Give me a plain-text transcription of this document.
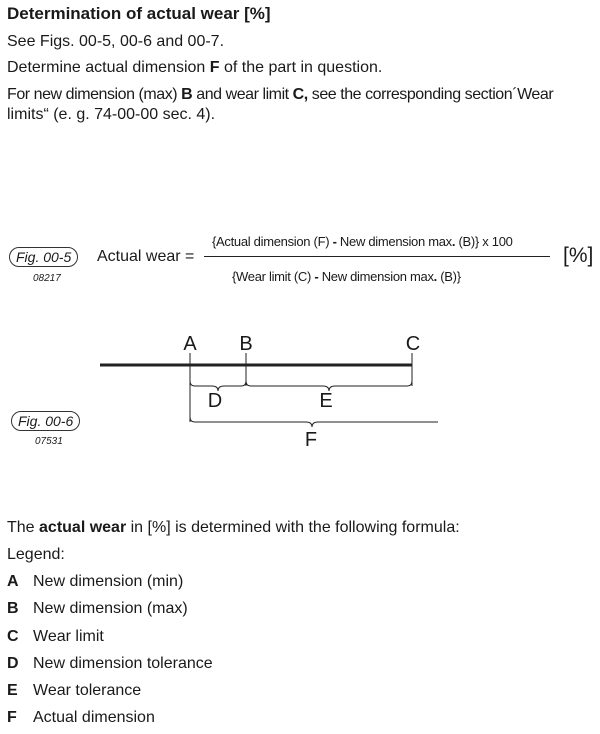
Determination of actual wear [%]
See Figs. 00-5, 00-6 and 00-7.
Determine actual dimension F of the part in question.
For new dimension (max) B and wear limit C, see the corresponding section´Wear
limits“ (e. g. 74-00-00 sec. 4).
Fig. 00-5
08217
Actual wear =
{Actual dimension (F) - New dimension max. (B)} x 100
{Wear limit (C) - New dimension max. (B)}
[%]
A B	C
D	E
F
Fig. 00-6
07531
The actual wear in [%] is determined with the following formula:
Legend:
A New dimension (min)
B New dimension (max)
C Wear limit
D New dimension tolerance
E Wear tolerance
F Actual dimension
